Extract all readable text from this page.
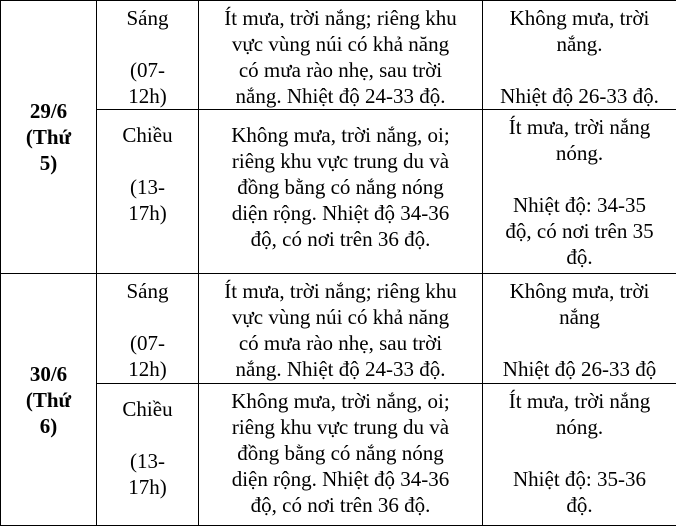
29/6
(Thứ
5)	Sáng
(07-
12h)	Ít mưa, trời nắng; riêng khu
vực vùng núi có khả năng
có mưa rào nhẹ, sau trời
nắng. Nhiệt độ 24-33 độ.	Không mưa, trời
nắng.
Nhiệt độ 26-33 độ.

	Chiều
(13-
17h)	Không mưa, trời nắng, oi;
riêng khu vực trung du và
đồng bằng có nắng nóng
diện rộng. Nhiệt độ 34-36
độ, có nơi trên 36 độ.	Ít mưa, trời nắng
nóng.
Nhiệt độ: 34-35
độ, có nơi trên 35
độ.

30/6
(Thứ
6)	Sáng
(07-
12h)	Ít mưa, trời nắng; riêng khu
vực vùng núi có khả năng
có mưa rào nhẹ, sau trời
nắng. Nhiệt độ 24-33 độ.	Không mưa, trời
nắng
Nhiệt độ 26-33 độ

	Chiều
(13-
17h)	Không mưa, trời nắng, oi;
riêng khu vực trung du và
đồng bằng có nắng nóng
diện rộng. Nhiệt độ 34-36
độ, có nơi trên 36 độ.	Ít mưa, trời nắng
nóng.
Nhiệt độ: 35-36
độ.
